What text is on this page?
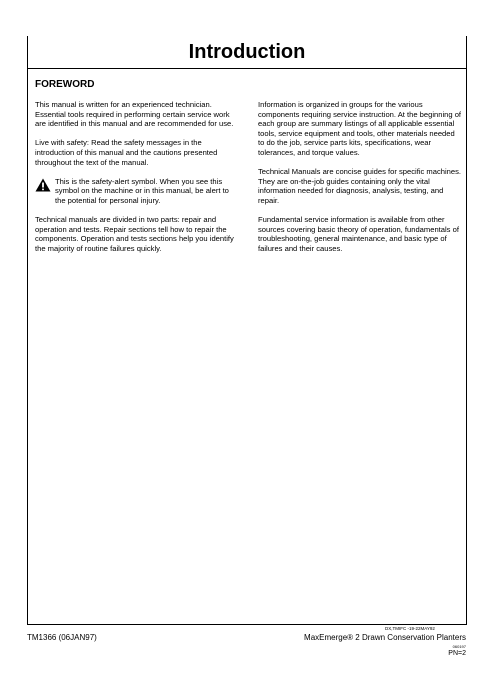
Introduction
FOREWORD

This manual is written for an experienced technician. Essential tools required in performing certain service work are identified in this manual and are recommended for use.

Live with safety: Read the safety messages in the introduction of this manual and the cautions presented throughout the text of the manual.

This is the safety-alert symbol. When you see this symbol on the machine or in this manual, be alert to the potential for personal injury.

Technical manuals are divided in two parts: repair and operation and tests. Repair sections tell how to repair the components. Operation and tests sections help you identify the majority of routine failures quickly.

Information is organized in groups for the various components requiring service instruction. At the beginning of each group are summary listings of all applicable essential tools, service equipment and tools, other materials needed to do the job, service parts kits, specifications, wear tolerances, and torque values.

Technical Manuals are concise guides for specific machines. They are on-the-job guides containing only the vital information needed for diagnosis, analysis, testing, and repair.

Fundamental service information is available from other sources covering basic theory of operation, fundamentals of troubleshooting, general maintenance, and basic type of failures and their causes.

DX,TMIFC -19-22MAY92
TM1366 (06JAN97)	MaxEmerge® 2 Drawn Conservation Planters
060197
PN=2
